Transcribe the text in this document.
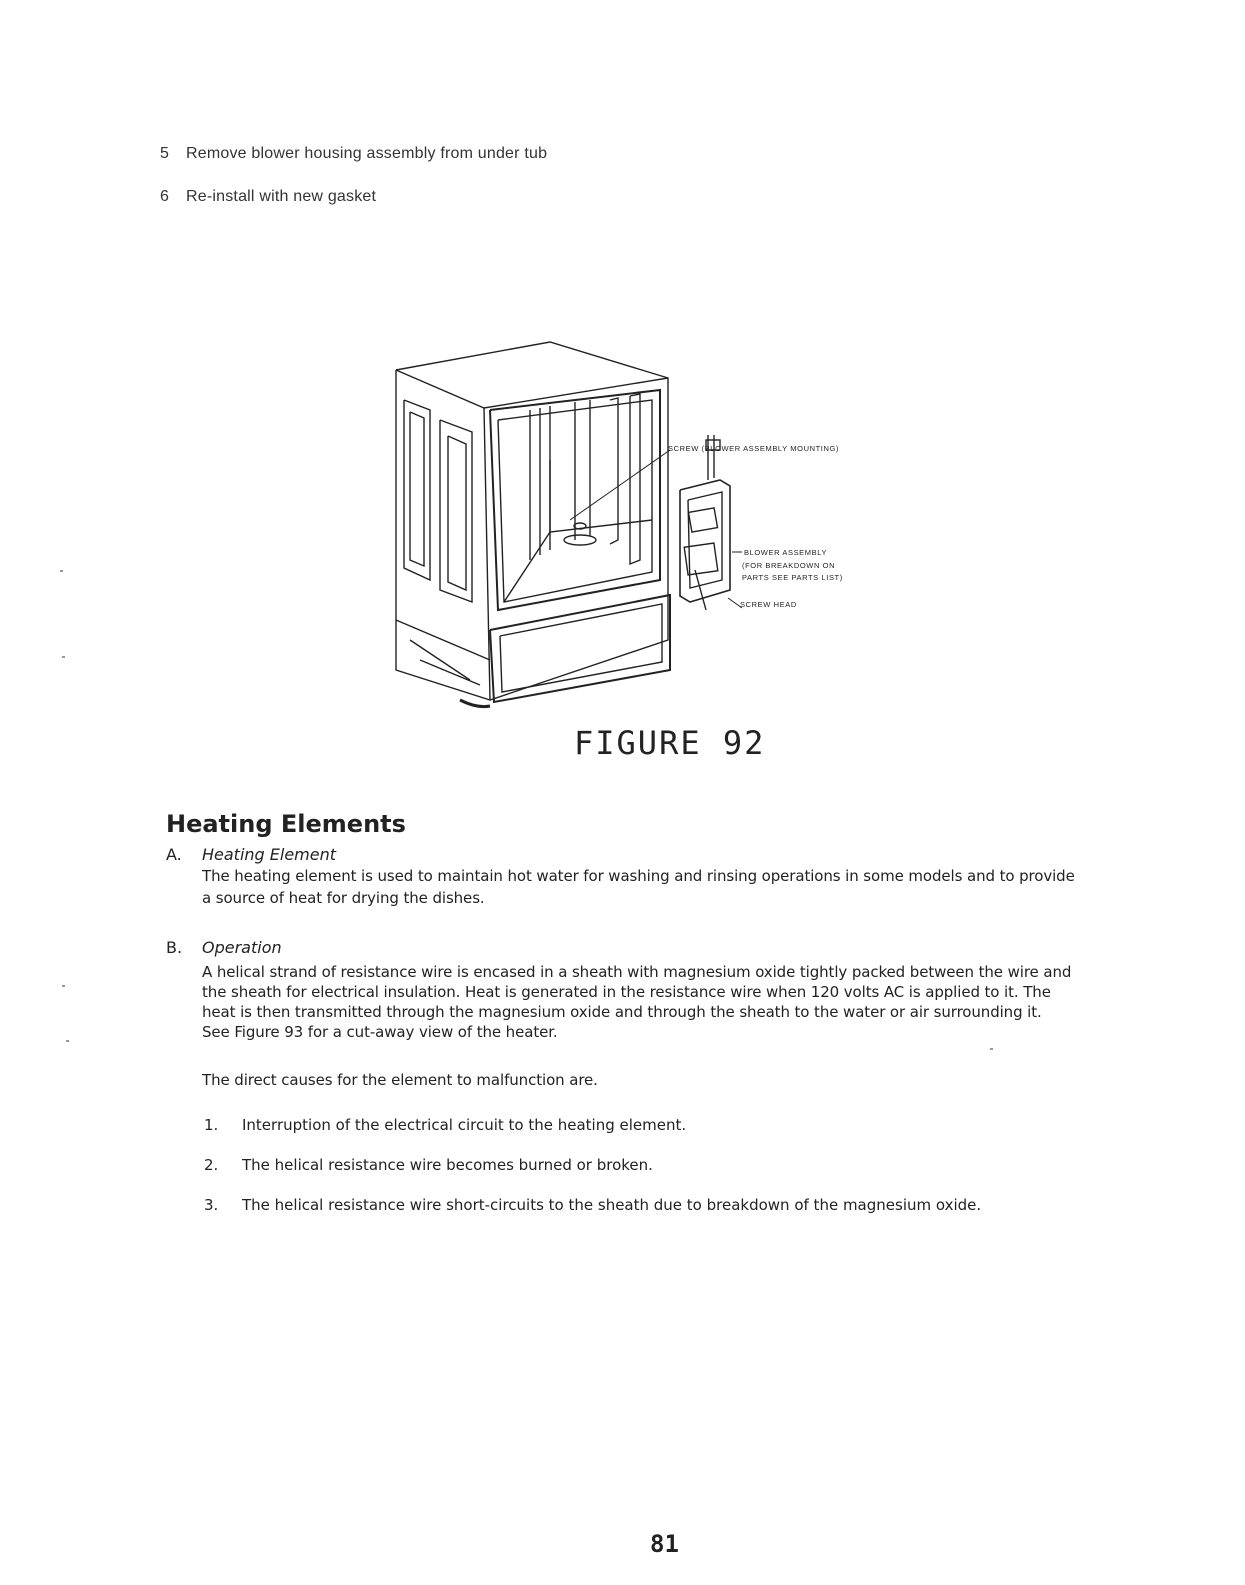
5 Remove blower housing assembly from under tub
6 Re-install with new gasket
SCREW (BLOWER ASSEMBLY MOUNTING)
BLOWER ASSEMBLY
(FOR BREAKDOWN ON
PARTS SEE PARTS LIST)
SCREW HEAD
FIGURE 92
Heating Elements
A. Heating Element
The heating element is used to maintain hot water for washing and rinsing operations in some models and to provide
a source of heat for drying the dishes.
B. Operation
A helical strand of resistance wire is encased in a sheath with magnesium oxide tightly packed between the wire and
the sheath for electrical insulation. Heat is generated in the resistance wire when 120 volts AC is applied to it. The
heat is then transmitted through the magnesium oxide and through the sheath to the water or air surrounding it.
See Figure 93 for a cut-away view of the heater.
The direct causes for the element to malfunction are.
1. Interruption of the electrical circuit to the heating element.
2. The helical resistance wire becomes burned or broken.
3. The helical resistance wire short-circuits to the sheath due to breakdown of the magnesium oxide.
81
